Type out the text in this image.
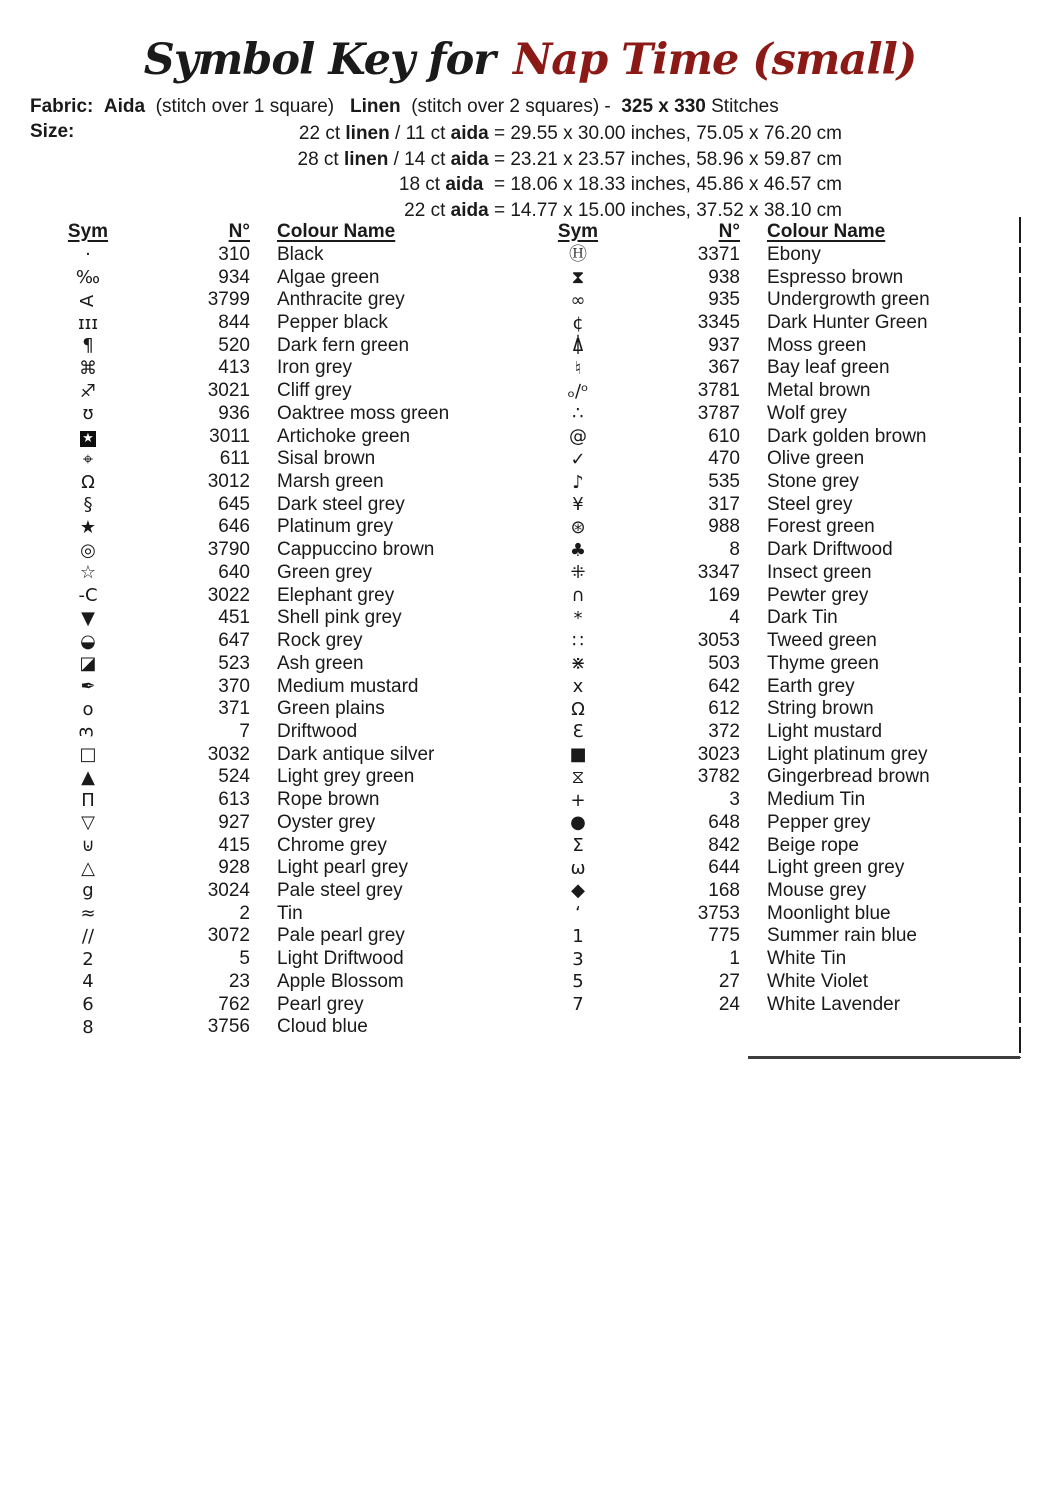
Symbol Key for Nap Time (small)
Fabric: Aida  (stitch over 1 square)   Linen  (stitch over 2 squares) -  325 x 330 Stitches
Size:	22 ct linen / 11 ct aida = 29.55 x 30.00 inches, 75.05 x 76.20 cm
28 ct linen / 14 ct aida = 23.21 x 23.57 inches, 58.96 x 59.87 cm
18 ct aida  = 18.06 x 18.33 inches, 45.86 x 46.57 cm
22 ct aida = 14.77 x 15.00 inches, 37.52 x 38.10 cm
Sym	N°	Colour Name
·	310	Black
‰	934	Algae green
A	3799	Anthracite grey
ɪɪɪ	844	Pepper black
¶	520	Dark fern green
⌘	413	Iron grey
♐	3021	Cliff grey
ʊ	936	Oaktree moss green
★	3011	Artichoke green
⌖	611	Sisal brown
Ω	3012	Marsh green
§	645	Dark steel grey
★	646	Platinum grey
◎	3790	Cappuccino brown
☆	640	Green grey
-Ϲ	3022	Elephant grey
▼	451	Shell pink grey
◒	647	Rock grey
◪	523	Ash green
✒	370	Medium mustard
o	371	Green plains
3	7	Driftwood
□	3032	Dark antique silver
▲	524	Light grey green
Π	613	Rope brown
▽	927	Oyster grey
⊍	415	Chrome grey
△	928	Light pearl grey
g	3024	Pale steel grey
≈	2	Tin
∕∕	3072	Pale pearl grey
2	5	Light Driftwood
4	23	Apple Blossom
6	762	Pearl grey
8	3756	Cloud blue
Sym	N°	Colour Name
Ⓗ	3371	Ebony
⧗	938	Espresso brown
∞	935	Undergrowth green
¢	3345	Dark Hunter Green
⍋	937	Moss green
♮	367	Bay leaf green
ₒ∕ᵒ	3781	Metal brown
∴	3787	Wolf grey
@	610	Dark golden brown
✓	470	Olive green
♪	535	Stone grey
¥	317	Steel grey
⊛	988	Forest green
♣	8	Dark Driftwood
⁜	3347	Insect green
∩	169	Pewter grey
*	4	Dark Tin
∷	3053	Tweed green
⋇	503	Thyme green
x	642	Earth grey
Ω	612	String brown
Ɛ	372	Light mustard
■	3023	Light platinum grey
⧖	3782	Gingerbread brown
+	3	Medium Tin
●	648	Pepper grey
Σ	842	Beige rope
ω	644	Light green grey
◆	168	Mouse grey
‘	3753	Moonlight blue
1	775	Summer rain blue
3	1	White Tin
5	27	White Violet
7	24	White Lavender
